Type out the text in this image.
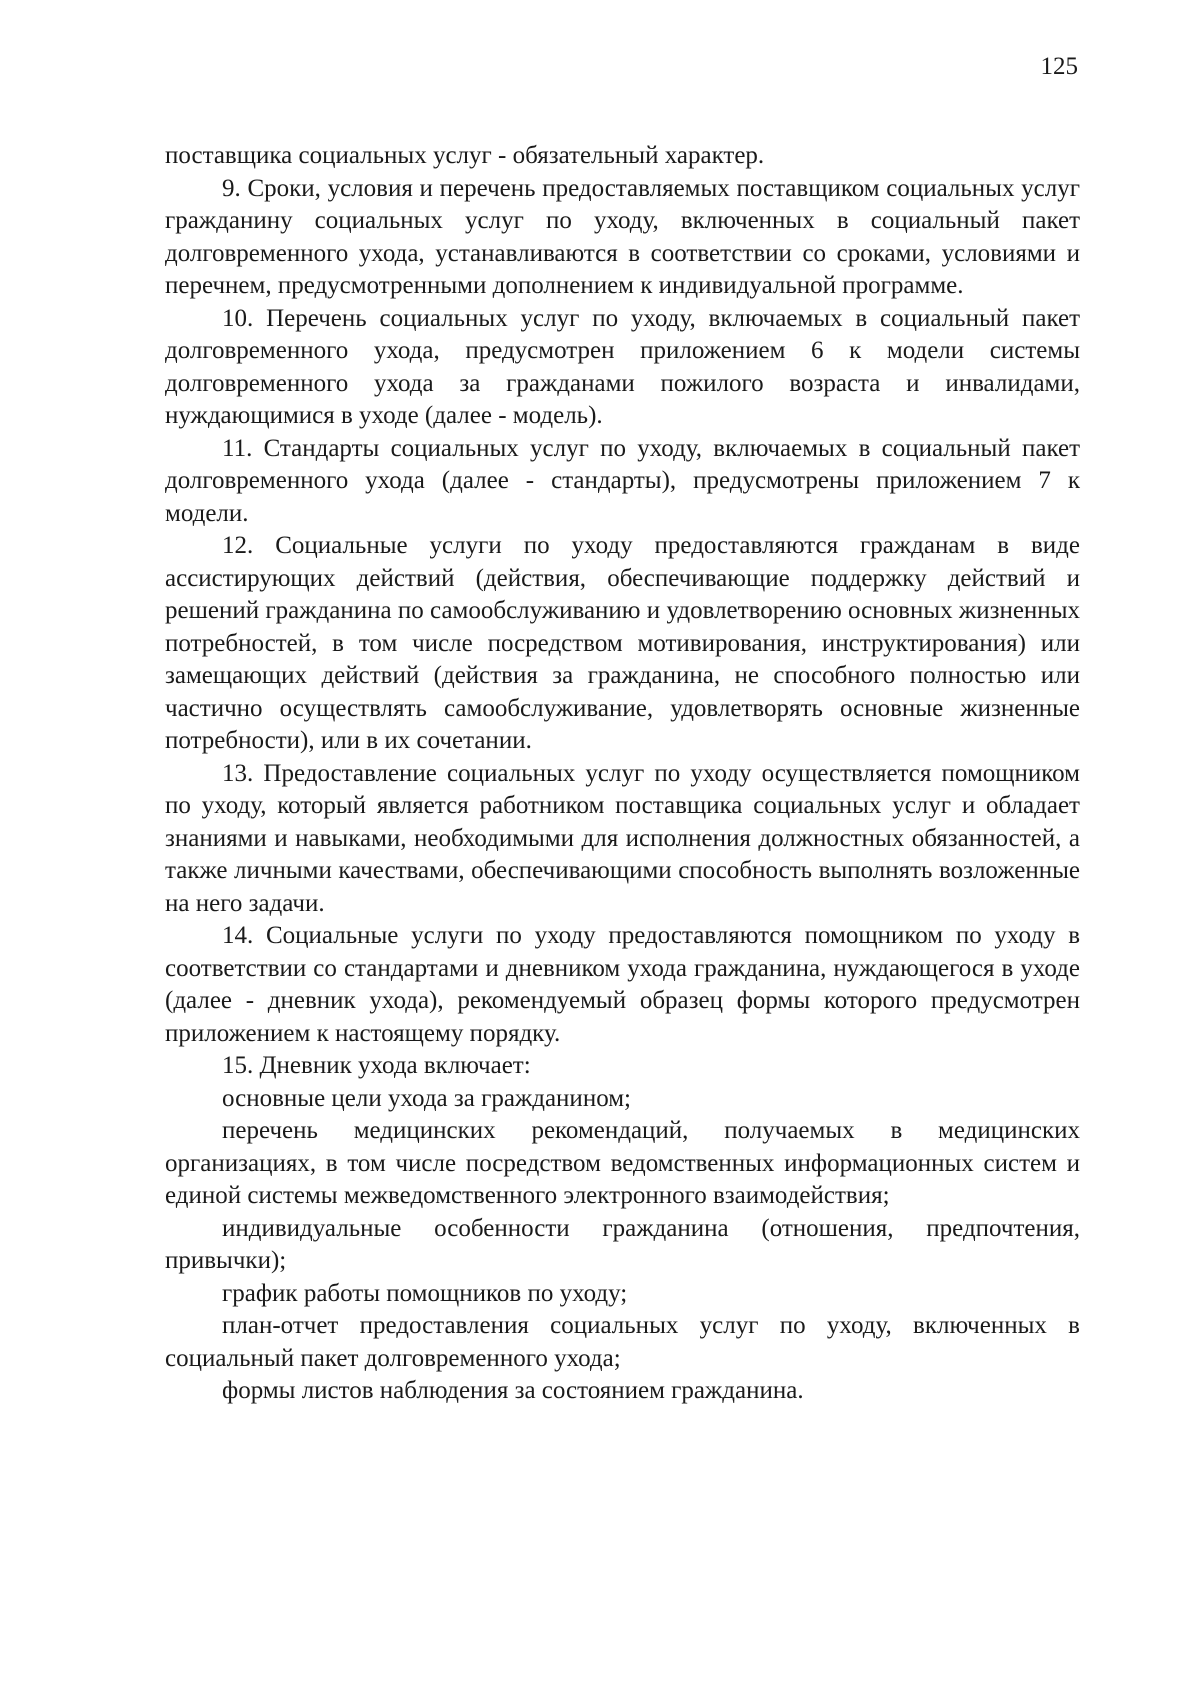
125

поставщика социальных услуг - обязательный характер.

9. Сроки, условия и перечень предоставляемых поставщиком социальных услуг гражданину социальных услуг по уходу, включенных в социальный пакет долговременного ухода, устанавливаются в соответствии со сроками, условиями и перечнем, предусмотренными дополнением к индивидуальной программе.

10. Перечень социальных услуг по уходу, включаемых в социальный пакет долговременного ухода, предусмотрен приложением 6 к модели системы долговременного ухода за гражданами пожилого возраста и инвалидами, нуждающимися в уходе (далее - модель).

11. Стандарты социальных услуг по уходу, включаемых в социальный пакет долговременного ухода (далее - стандарты), предусмотрены приложением 7 к модели.

12. Социальные услуги по уходу предоставляются гражданам в виде ассистирующих действий (действия, обеспечивающие поддержку действий и решений гражданина по самообслуживанию и удовлетворению основных жизненных потребностей, в том числе посредством мотивирования, инструктирования) или замещающих действий (действия за гражданина, не способного полностью или частично осуществлять самообслуживание, удовлетворять основные жизненные потребности), или в их сочетании.

13. Предоставление социальных услуг по уходу осуществляется помощником по уходу, который является работником поставщика социальных услуг и обладает знаниями и навыками, необходимыми для исполнения должностных обязанностей, а также личными качествами, обеспечивающими способность выполнять возложенные на него задачи.

14. Социальные услуги по уходу предоставляются помощником по уходу в соответствии со стандартами и дневником ухода гражданина, нуждающегося в уходе (далее - дневник ухода), рекомендуемый образец формы которого предусмотрен приложением к настоящему порядку.

15. Дневник ухода включает:

основные цели ухода за гражданином;

перечень медицинских рекомендаций, получаемых в медицинских организациях, в том числе посредством ведомственных информационных систем и единой системы межведомственного электронного взаимодействия;

индивидуальные особенности гражданина (отношения, предпочтения, привычки);

график работы помощников по уходу;

план-отчет предоставления социальных услуг по уходу, включенных в социальный пакет долговременного ухода;

формы листов наблюдения за состоянием гражданина.
